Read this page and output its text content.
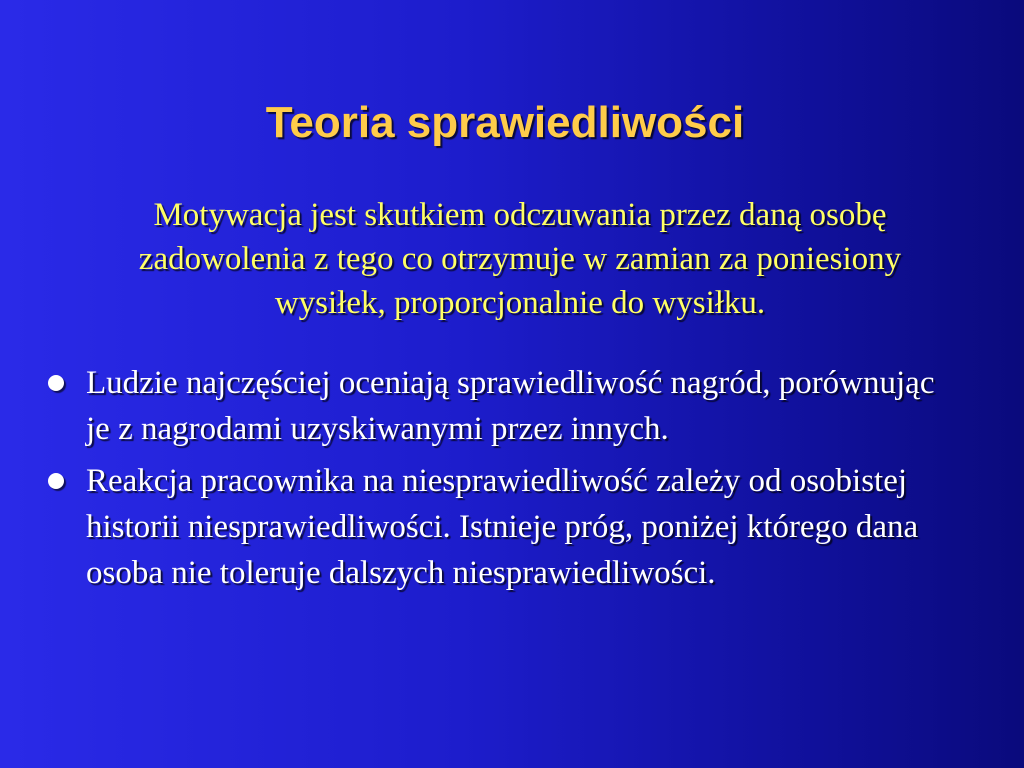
Teoria sprawiedliwości

Motywacja jest skutkiem odczuwania przez daną osobę zadowolenia z tego co otrzymuje w zamian za poniesiony wysiłek, proporcjonalnie do wysiłku.

Ludzie najczęściej oceniają sprawiedliwość nagród, porównując je z nagrodami uzyskiwanymi przez innych.
Reakcja pracownika na niesprawiedliwość zależy od osobistej historii niesprawiedliwości. Istnieje próg, poniżej którego dana osoba nie toleruje dalszych niesprawiedliwości.
